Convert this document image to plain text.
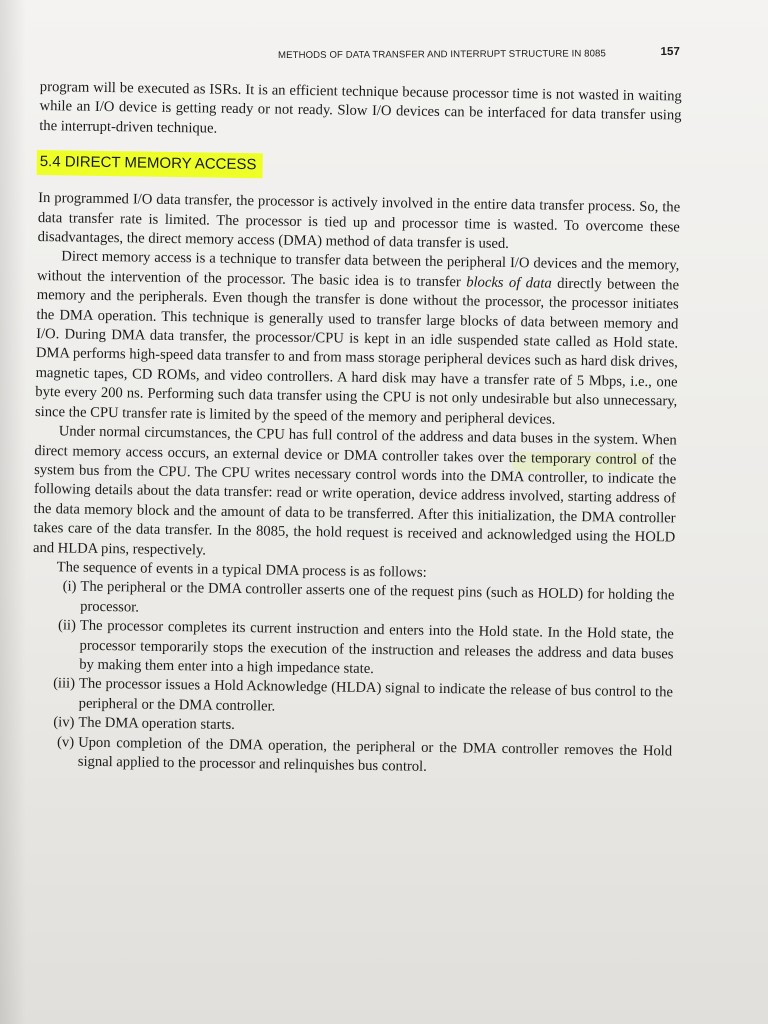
METHODS OF DATA TRANSFER AND INTERRUPT STRUCTURE IN 8085	157

program will be executed as ISRs. It is an efficient technique because processor time is not wasted in waiting while an I/O device is getting ready or not ready. Slow I/O devices can be interfaced for data transfer using the interrupt-driven technique.

5.4 DIRECT MEMORY ACCESS

In programmed I/O data transfer, the processor is actively involved in the entire data transfer process. So, the data transfer rate is limited. The processor is tied up and processor time is wasted. To overcome these disadvantages, the direct memory access (DMA) method of data transfer is used.

Direct memory access is a technique to transfer data between the peripheral I/O devices and the memory, without the intervention of the processor. The basic idea is to transfer blocks of data directly between the memory and the peripherals. Even though the transfer is done without the processor, the processor initiates the DMA operation. This technique is generally used to transfer large blocks of data between memory and I/O. During DMA data transfer, the processor/CPU is kept in an idle suspended state called as Hold state. DMA performs high-speed data transfer to and from mass storage peripheral devices such as hard disk drives, magnetic tapes, CD ROMs, and video controllers. A hard disk may have a transfer rate of 5 Mbps, i.e., one byte every 200 ns. Performing such data transfer using the CPU is not only undesirable but also unnecessary, since the CPU transfer rate is limited by the speed of the memory and peripheral devices.

Under normal circumstances, the CPU has full control of the address and data buses in the system. When direct memory access occurs, an external device or DMA controller takes over the temporary control of the system bus from the CPU. The CPU writes necessary control words into the DMA controller, to indicate the following details about the data transfer: read or write operation, device address involved, starting address of the data memory block and the amount of data to be transferred. After this initialization, the DMA controller takes care of the data transfer. In the 8085, the hold request is received and acknowledged using the HOLD and HLDA pins, respectively.

The sequence of events in a typical DMA process is as follows:

(i) The peripheral or the DMA controller asserts one of the request pins (such as HOLD) for holding the processor.
(ii) The processor completes its current instruction and enters into the Hold state. In the Hold state, the processor temporarily stops the execution of the instruction and releases the address and data buses by making them enter into a high impedance state.
(iii) The processor issues a Hold Acknowledge (HLDA) signal to indicate the release of bus control to the peripheral or the DMA controller.
(iv) The DMA operation starts.
(v) Upon completion of the DMA operation, the peripheral or the DMA controller removes the Hold signal applied to the processor and relinquishes bus control.
